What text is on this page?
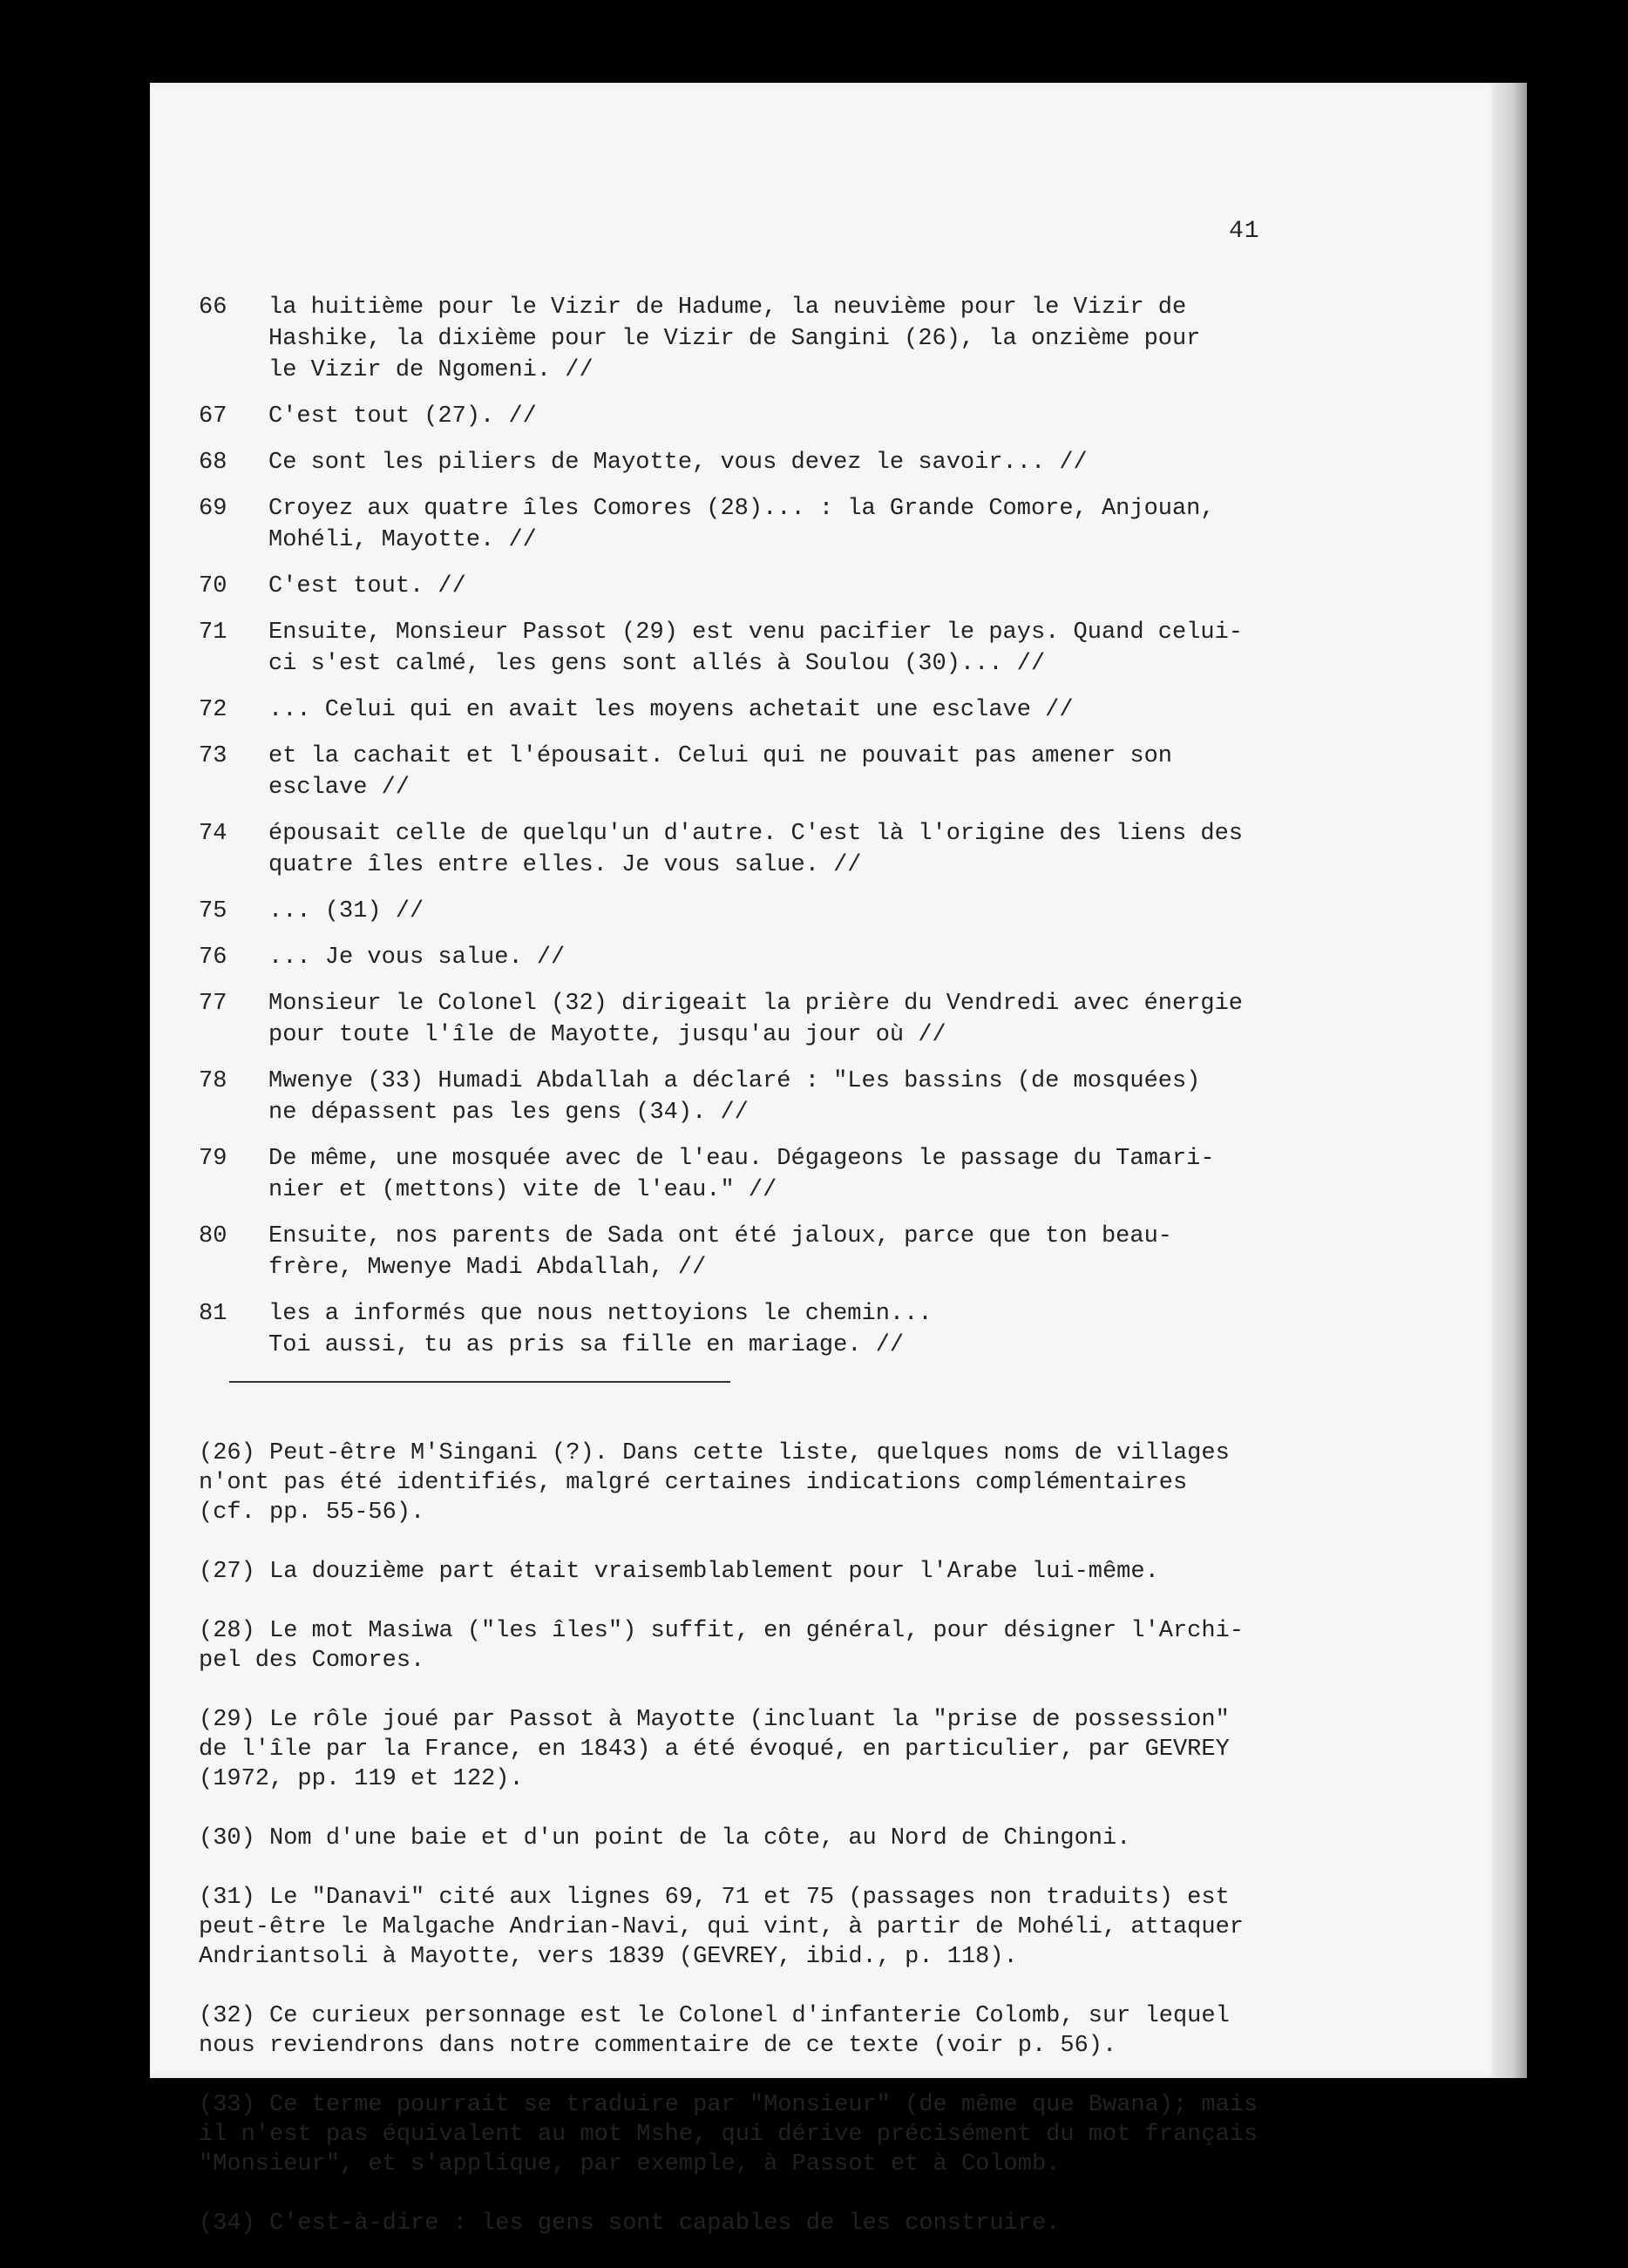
41
66	la huitième pour le Vizir de Hadume, la neuvième pour le Vizir de
Hashike, la dixième pour le Vizir de Sangini (26), la onzième pour
le Vizir de Ngomeni. //
67	C'est tout (27). //
68	Ce sont les piliers de Mayotte, vous devez le savoir... //
69	Croyez aux quatre îles Comores (28)... : la Grande Comore, Anjouan,
Mohéli, Mayotte. //
70	C'est tout. //
71	Ensuite, Monsieur Passot (29) est venu pacifier le pays. Quand celui-
ci s'est calmé, les gens sont allés à Soulou (30)... //
72	... Celui qui en avait les moyens achetait une esclave //
73	et la cachait et l'épousait. Celui qui ne pouvait pas amener son
esclave //
74	épousait celle de quelqu'un d'autre. C'est là l'origine des liens des
quatre îles entre elles. Je vous salue. //
75	... (31) //
76	... Je vous salue. //
77	Monsieur le Colonel (32) dirigeait la prière du Vendredi avec énergie
pour toute l'île de Mayotte, jusqu'au jour où //
78	Mwenye (33) Humadi Abdallah a déclaré : "Les bassins (de mosquées)
ne dépassent pas les gens (34). //
79	De même, une mosquée avec de l'eau. Dégageons le passage du Tamari-
nier et (mettons) vite de l'eau." //
80	Ensuite, nos parents de Sada ont été jaloux, parce que ton beau-
frère, Mwenye Madi Abdallah, //
81	les a informés que nous nettoyions le chemin...
Toi aussi, tu as pris sa fille en mariage. //

(26) Peut-être M'Singani (?). Dans cette liste, quelques noms de villages
n'ont pas été identifiés, malgré certaines indications complémentaires
(cf. pp. 55-56).

(27) La douzième part était vraisemblablement pour l'Arabe lui-même.

(28) Le mot Masiwa ("les îles") suffit, en général, pour désigner l'Archi-
pel des Comores.

(29) Le rôle joué par Passot à Mayotte (incluant la "prise de possession"
de l'île par la France, en 1843) a été évoqué, en particulier, par GEVREY
(1972, pp. 119 et 122).

(30) Nom d'une baie et d'un point de la côte, au Nord de Chingoni.

(31) Le "Danavi" cité aux lignes 69, 71 et 75 (passages non traduits) est
peut-être le Malgache Andrian-Navi, qui vint, à partir de Mohéli, attaquer
Andriantsoli à Mayotte, vers 1839 (GEVREY, ibid., p. 118).

(32) Ce curieux personnage est le Colonel d'infanterie Colomb, sur lequel
nous reviendrons dans notre commentaire de ce texte (voir p. 56).

(33) Ce terme pourrait se traduire par "Monsieur" (de même que Bwana); mais
il n'est pas équivalent au mot Mshe, qui dérive précisément du mot français
"Monsieur", et s'applique, par exemple, à Passot et à Colomb.

(34) C'est-à-dire : les gens sont capables de les construire.
